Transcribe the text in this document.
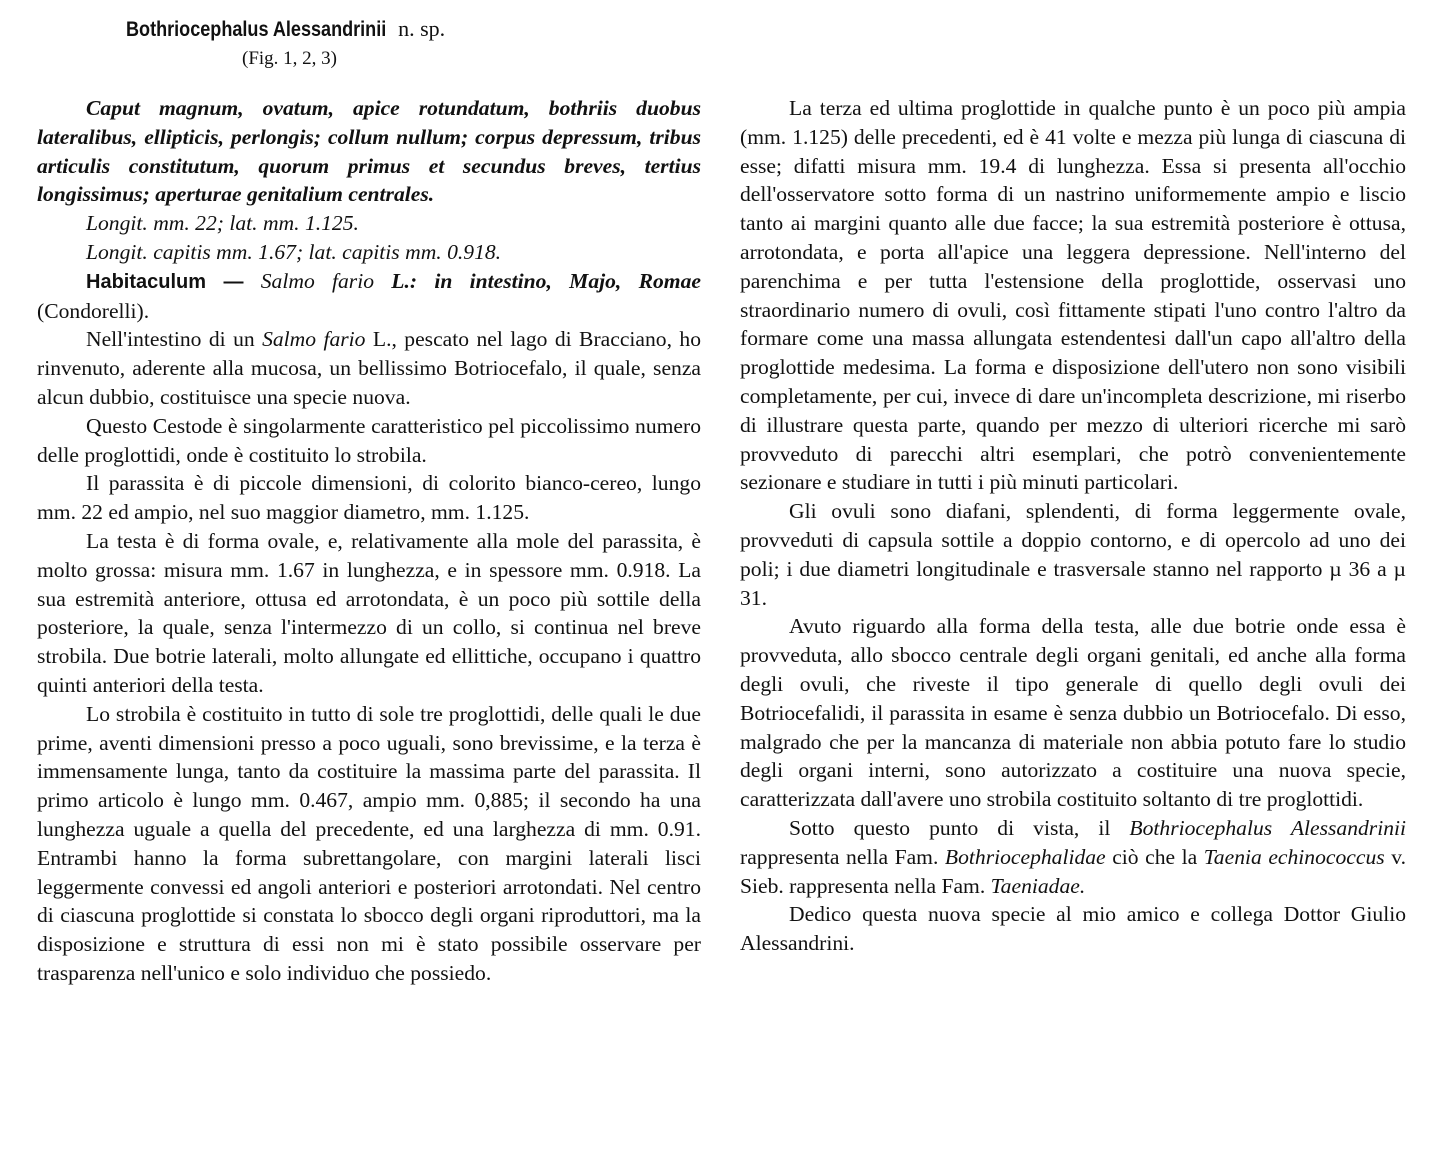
Bothriocephalus Alessandrinii n. sp.
(Fig. 1, 2, 3)

Caput magnum, ovatum, apice rotundatum, bothriis duobus lateralibus, ellipticis, perlongis; collum nullum; corpus depressum, tribus articulis constitutum, quorum primus et secundus breves, tertius longissimus; aperturae genitalium centrales.

Longit. mm. 22; lat. mm. 1.125.

Longit. capitis mm. 1.67; lat. capitis mm. 0.918.

Habitaculum — Salmo fario L.: in intestino, Majo, Romae (Condorelli).

Nell'intestino di un Salmo fario L., pescato nel lago di Bracciano, ho rinvenuto, aderente alla mucosa, un bellissimo Botriocefalo, il quale, senza alcun dubbio, costituisce una specie nuova.

Questo Cestode è singolarmente caratteristico pel piccolissimo numero delle proglottidi, onde è costituito lo strobila.

Il parassita è di piccole dimensioni, di colorito bianco-cereo, lungo mm. 22 ed ampio, nel suo maggior diametro, mm. 1.125.

La testa è di forma ovale, e, relativamente alla mole del parassita, è molto grossa: misura mm. 1.67 in lunghezza, e in spessore mm. 0.918. La sua estremità anteriore, ottusa ed arrotondata, è un poco più sottile della posteriore, la quale, senza l'intermezzo di un collo, si continua nel breve strobila. Due botrie laterali, molto allungate ed ellittiche, occupano i quattro quinti anteriori della testa.

Lo strobila è costituito in tutto di sole tre proglottidi, delle quali le due prime, aventi dimensioni presso a poco uguali, sono brevissime, e la terza è immensamente lunga, tanto da costituire la massima parte del parassita. Il primo articolo è lungo mm. 0.467, ampio mm. 0,885; il secondo ha una lunghezza uguale a quella del precedente, ed una larghezza di mm. 0.91. Entrambi hanno la forma subrettangolare, con margini laterali lisci leggermente convessi ed angoli anteriori e posteriori arrotondati. Nel centro di ciascuna proglottide si constata lo sbocco degli organi riproduttori, ma la disposizione e struttura di essi non mi è stato possibile osservare per trasparenza nell'unico e solo individuo che possiedo.

La terza ed ultima proglottide in qualche punto è un poco più ampia (mm. 1.125) delle precedenti, ed è 41 volte e mezza più lunga di ciascuna di esse; difatti misura mm. 19.4 di lunghezza. Essa si presenta all'occhio dell'osservatore sotto forma di un nastrino uniformemente ampio e liscio tanto ai margini quanto alle due facce; la sua estremità posteriore è ottusa, arrotondata, e porta all'apice una leggera depressione. Nell'interno del parenchima e per tutta l'estensione della proglottide, osservasi uno straordinario numero di ovuli, così fittamente stipati l'uno contro l'altro da formare come una massa allungata estendentesi dall'un capo all'altro della proglottide medesima. La forma e disposizione dell'utero non sono visibili completamente, per cui, invece di dare un'incompleta descrizione, mi riserbo di illustrare questa parte, quando per mezzo di ulteriori ricerche mi sarò provveduto di parecchi altri esemplari, che potrò convenientemente sezionare e studiare in tutti i più minuti particolari.

Gli ovuli sono diafani, splendenti, di forma leggermente ovale, provveduti di capsula sottile a doppio contorno, e di opercolo ad uno dei poli; i due diametri longitudinale e trasversale stanno nel rapporto µ 36 a µ 31.

Avuto riguardo alla forma della testa, alle due botrie onde essa è provveduta, allo sbocco centrale degli organi genitali, ed anche alla forma degli ovuli, che riveste il tipo generale di quello degli ovuli dei Botriocefalidi, il parassita in esame è senza dubbio un Botriocefalo. Di esso, malgrado che per la mancanza di materiale non abbia potuto fare lo studio degli organi interni, sono autorizzato a costituire una nuova specie, caratterizzata dall'avere uno strobila costituito soltanto di tre proglottidi.

Sotto questo punto di vista, il Bothriocephalus Alessandrinii rappresenta nella Fam. Bothriocephalidae ciò che la Taenia echinococcus v. Sieb. rappresenta nella Fam. Taeniadae.

Dedico questa nuova specie al mio amico e collega Dottor Giulio Alessandrini.
